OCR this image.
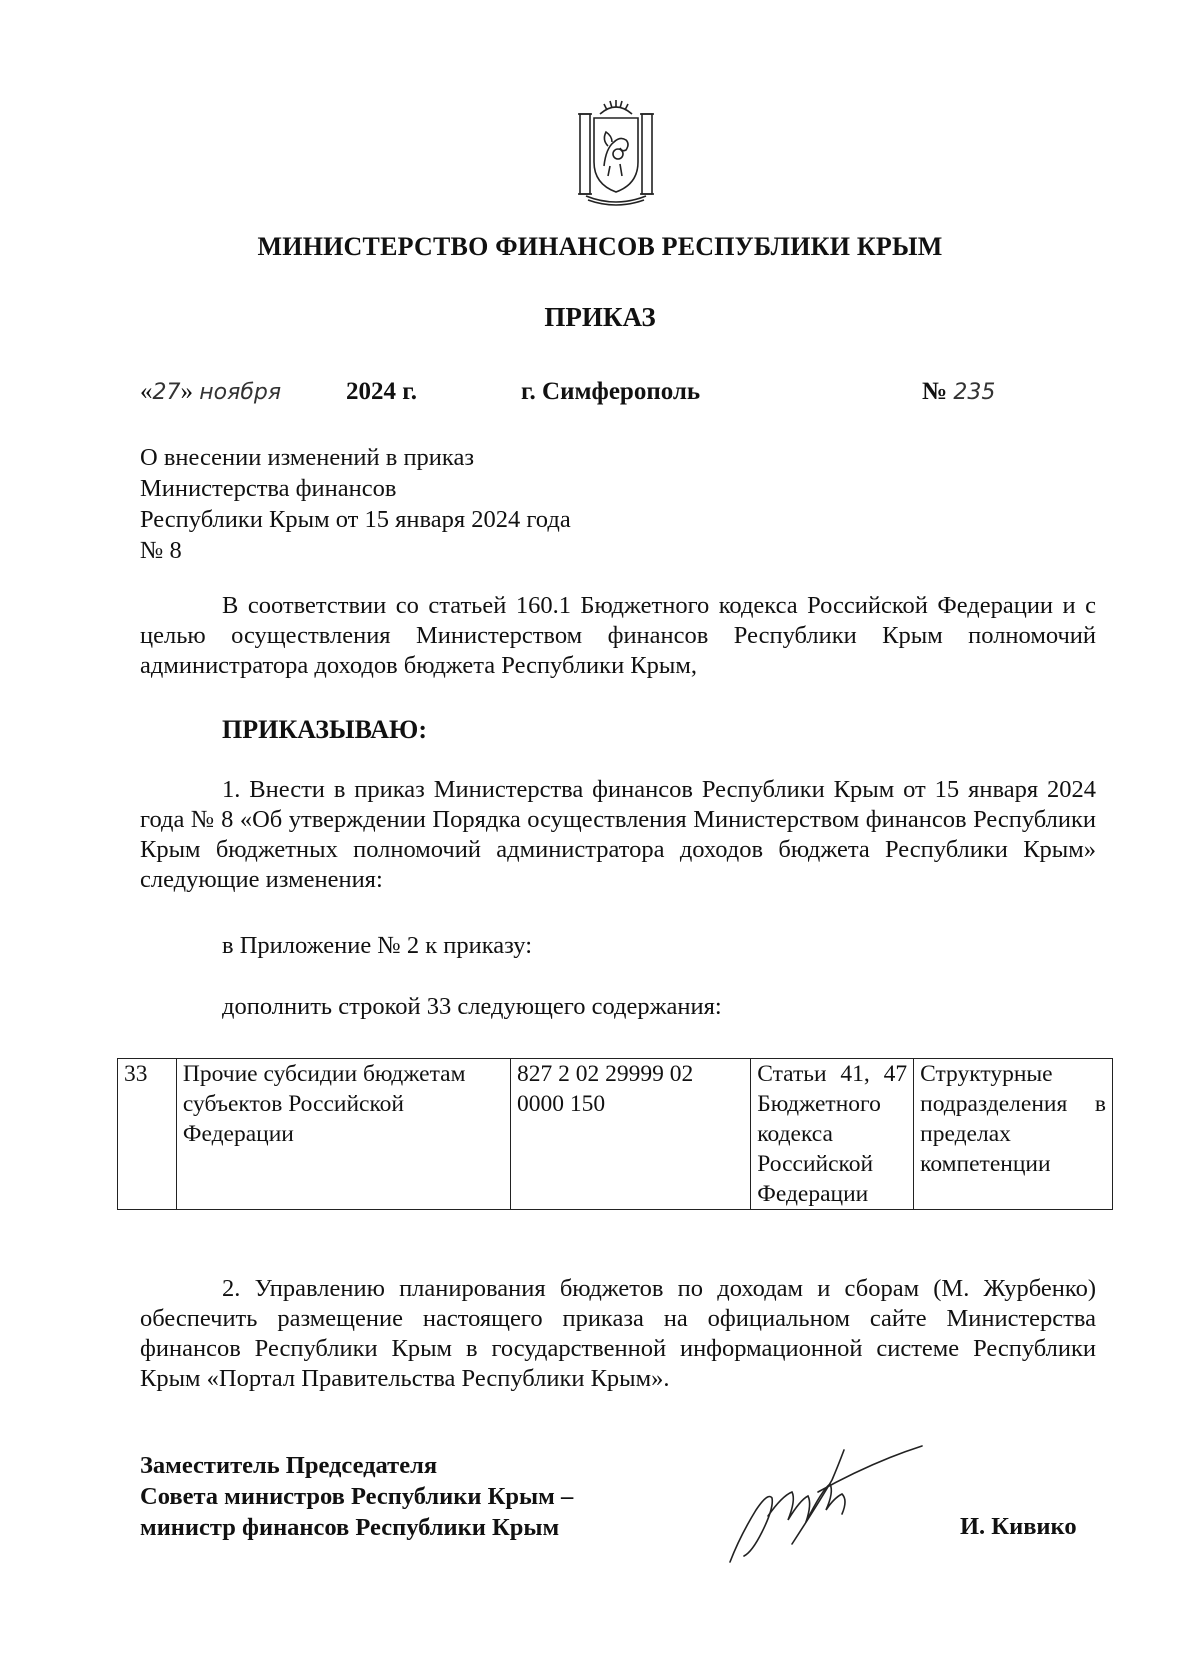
МИНИСТЕРСТВО ФИНАНСОВ РЕСПУБЛИКИ КРЫМ
ПРИКАЗ
«27» ноября	2024 г.	г. Симферополь	№ 235
О внесении изменений в приказ
Министерства финансов
Республики Крым от 15 января 2024 года
№ 8
В соответствии со статьей 160.1 Бюджетного кодекса Российской Федерации и с целью осуществления Министерством финансов Республики Крым полномочий администратора доходов бюджета Республики Крым,
ПРИКАЗЫВАЮ:
1. Внести в приказ Министерства финансов Республики Крым от 15 января 2024 года № 8 «Об утверждении Порядка осуществления Министерством финансов Республики Крым бюджетных полномочий администратора доходов бюджета Республики Крым» следующие изменения:
в Приложение № 2 к приказу:
дополнить строкой 33 следующего содержания:
33	Прочие субсидии бюджетам субъектов Российской Федерации	827 2 02 29999 02 0000 150	Статьи 41, 47 Бюджетного кодекса Российской Федерации	Структурные подразделения в пределах компетенции
2. Управлению планирования бюджетов по доходам и сборам (М. Журбенко) обеспечить размещение настоящего приказа на официальном сайте Министерства финансов Республики Крым в государственной информационной системе Республики Крым «Портал Правительства Республики Крым».
Заместитель Председателя
Совета министров Республики Крым –
министр финансов Республики Крым	И. Кивико
